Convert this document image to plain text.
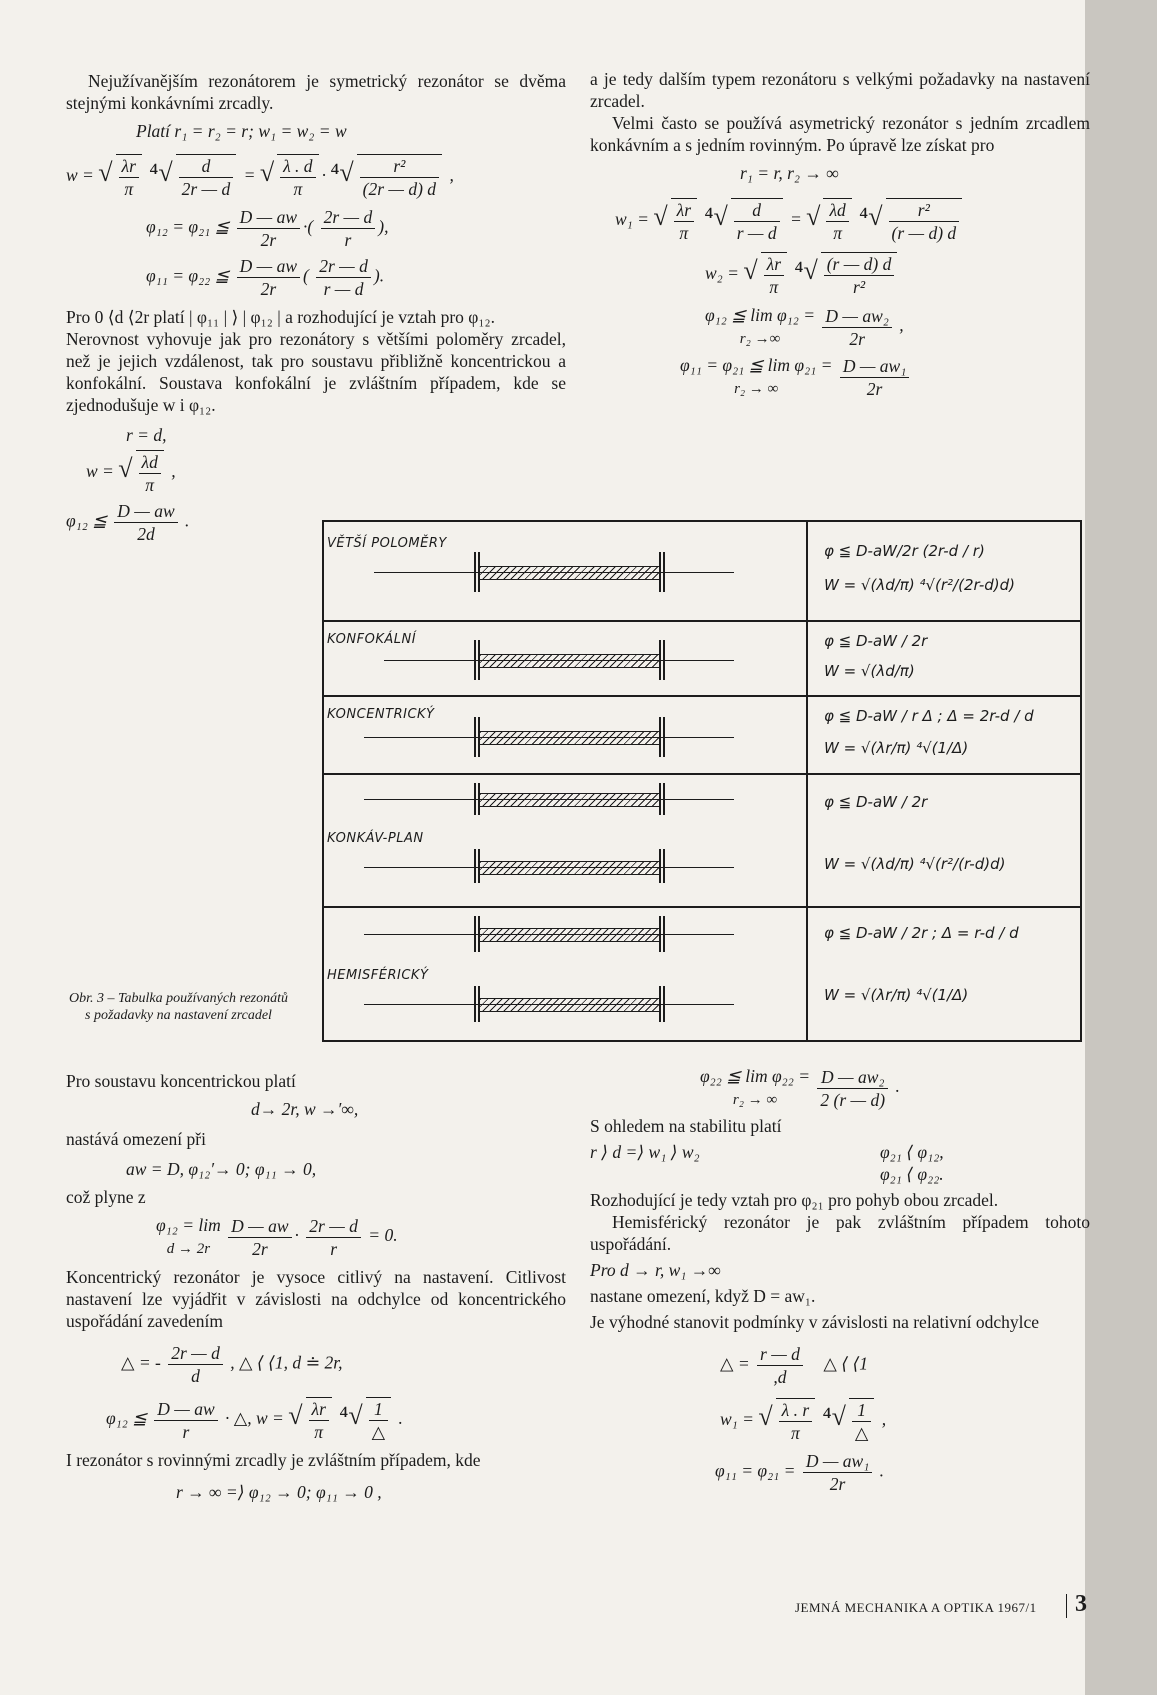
Nejužívanějším rezonátorem je symetrický rezonátor se dvěma stejnými konkávními zrcadly.

Platí r₁ = r₂ = r; w₁ = w₂ = w

w = √ $\frac{\lambda r}{\pi} ^4√ \frac{d}{2r — d}$ = √ $\frac{\lambda . d}{\pi} \cdot ^4√ \frac{\text{r²}}{(2r — d) d}$ ,
φ₁₂ = φ₂₁ ≦ $\frac{D — aw}{2r}$ ·( $\frac{2r — d}{r}$ ),
φ₁₁ = φ₂₂ ≦ $\frac{D — aw}{2r}$ ( $\frac{2r — d}{r — d}$ ).

Pro 0 ⟨d ⟨2r platí | φ₁₁ | ⟩ | φ₁₂ | a rozhodující je vztah pro φ₁₂.

Nerovnost vyhovuje jak pro rezonátory s většími poloměry zrcadel, než je jejich vzdálenost, tak pro soustavu přibližně koncentrickou a konfokální. Soustava konfokální je zvláštním případem, kde se zjednodušuje w i φ₁₂.

r = d,

w = √ $\frac{\lambda d}{\pi}$ ,
φ₁₂ ≦ $\frac{D — aw}{2d}$ .

Pro soustavu koncentrickou platí

d→ 2r, w →′∞,

nastává omezení při

aw = D, φ₁₂′→ 0; φ₁₁ → 0,

což plyne z

φ₁₂ = lim
$d \to 2r \frac{D — aw}{2r} \cdot \frac{2r — d}{r} = 0$.

Koncentrický rezonátor je vysoce citlivý na nastavení. Citlivost nastavení lze vyjádřit v závislosti na odchylce od koncentrického uspořádání zavedením

△ = - $\frac{2r — d}{d}$ , △ ⟨ ⟨1, d ≐ 2r,
φ₁₂ ≦ $\frac{D — aw}{r}$ · △, w = √ $\frac{\lambda r}{\pi} ^4√ \frac{1}{\triangle}$ .

I rezonátor s rovinnými zrcadly je zvláštním případem, kde

r → ∞ =⟩ φ₁₂ → 0; φ₁₁ → 0 ,

a je tedy dalším typem rezonátoru s velkými požadavky na nastavení zrcadel.

Velmi často se používá asymetrický rezonátor s jedním zrcadlem konkávním a s jedním rovinným. Po úpravě lze získat pro

r₁ = r, r₂ → ∞

w₁ = √ $\frac{\lambda r}{\pi} ^4√ \frac{d}{r — d}$ = √ $\frac{\lambda d}{\pi} ^4√ \frac{\text{r²}}{(r — d) d}$
w₂ = √ $\frac{\lambda r}{\pi} ^4√ \frac{(r — d) d}{\text{r²}}$
φ₁₂ ≦ lim φ₁₂ =
r₂ →∞ $\frac{\text{D — aw₂}}{2r}$ ,
φ₁₁ = φ₂₁ ≦ lim φ₂₁ =
r₂ → ∞	$\frac{\text{D — aw₁}}{2r}$
φ₂₂ ≦ lim φ₂₂ =
r₂ → ∞ $\frac{\text{D — aw₂}}{2 (r — d)}$ .

S ohledem na stabilitu platí

r ⟩ d =⟩ w₁ ⟩ w₂	φ₂₁ ⟨ φ₁₂,
φ₂₁ ⟨ φ₂₂.

Rozhodující je tedy vztah pro φ₂₁ pro pohyb obou zrcadel.

Hemisférický rezonátor je pak zvláštním případem tohoto uspořádání.

Pro d → r, w₁ →∞

nastane omezení, když D = aw₁.

Je výhodné stanovit podmínky v závislosti na relativní odchylce

△ = $\frac{r — d}{,d}$ △ ⟨ ⟨1
w₁ = √ $\frac{\lambda . r}{\pi} ^4√ \frac{1}{\triangle}$ ,
$\varphi_{11} = \varphi_{21} = \frac{\text{D — aw₁}}{2r}$ .
VĚTŠÍ POLOMĚRY	φ ≦ D-aW/2r (2r-d / r)
W = √(λd/π) ⁴√(r²/(2r-d)d)
KONFOKÁLNÍ	φ ≦ D-aW / 2r
W = √(λd/π)
KONCENTRICKÝ	φ ≦ D-aW / r Δ ; Δ = 2r-d / d
W = √(λr/π) ⁴√(1/Δ)
KONKÁV-PLAN
φ ≦ D-aW / 2r
W = √(λd/π) ⁴√(r²/(r-d)d)
HEMISFÉRICKÝ
φ ≦ D-aW / 2r ; Δ = r-d / d
W = √(λr/π) ⁴√(1/Δ)
Obr. 3 – Tabulka používaných rezonátů s požadavky na nastavení zrcadel
JEMNÁ MECHANIKA A OPTIKA 1967/1 3
